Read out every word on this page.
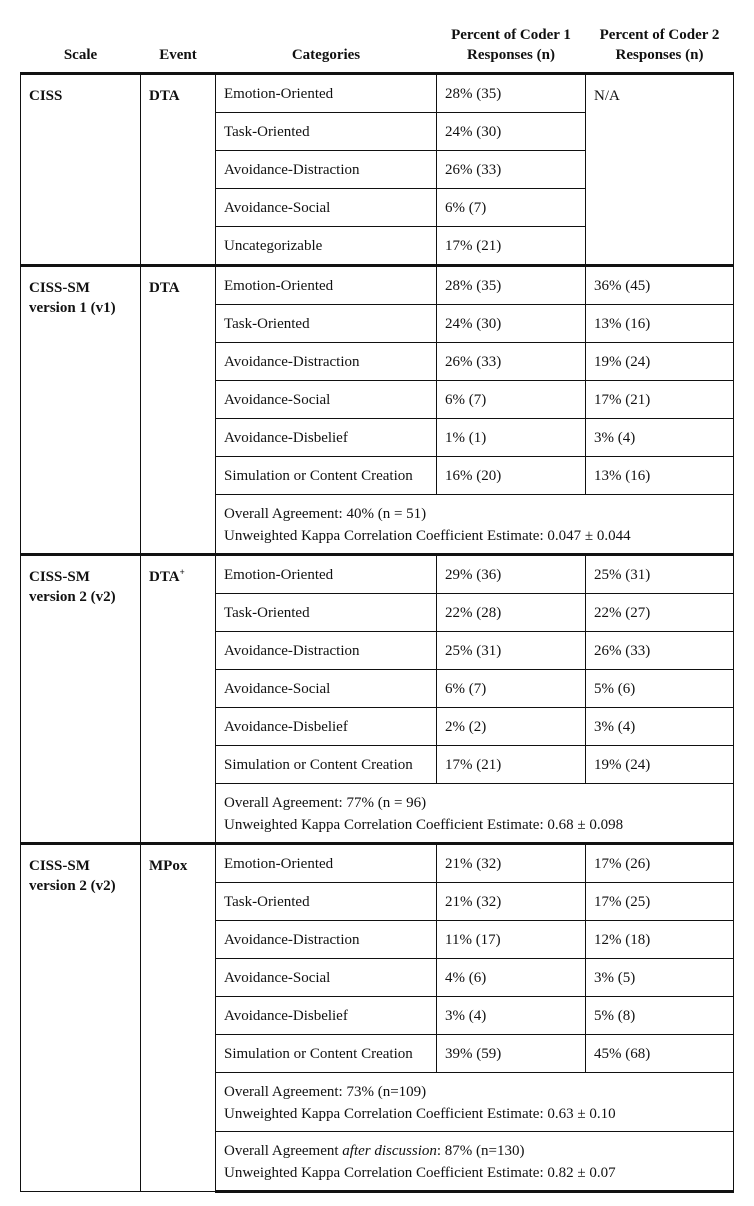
Scale	Event	Categories	Percent of Coder 1
Responses (n)	Percent of Coder 2
Responses (n)

CISS	DTA	Emotion-Oriented	28% (35)	N/A
		Task-Oriented	24% (30)	
		Avoidance-Distraction	26% (33)	
		Avoidance-Social	6% (7)	
		Uncategorizable	17% (21)	

CISS-SM
version 1 (v1)	DTA	Emotion-Oriented	28% (35)	36% (45)
		Task-Oriented	24% (30)	13% (16)
		Avoidance-Distraction	26% (33)	19% (24)
		Avoidance-Social	6% (7)	17% (21)
		Avoidance-Disbelief	1% (1)	3% (4)
		Simulation or Content Creation	16% (20)	13% (16)

		Overall Agreement: 40% (n = 51)
Unweighted Kappa Correlation Coefficient Estimate: 0.047 ± 0.044		

CISS-SM
version 2 (v2)	DTA+	Emotion-Oriented	29% (36)	25% (31)
		Task-Oriented	22% (28)	22% (27)
		Avoidance-Distraction	25% (31)	26% (33)
		Avoidance-Social	6% (7)	5% (6)
		Avoidance-Disbelief	2% (2)	3% (4)
		Simulation or Content Creation	17% (21)	19% (24)

		Overall Agreement: 77% (n = 96)
Unweighted Kappa Correlation Coefficient Estimate: 0.68 ± 0.098		

CISS-SM
version 2 (v2)	MPox	Emotion-Oriented	21% (32)	17% (26)
		Task-Oriented	21% (32)	17% (25)
		Avoidance-Distraction	11% (17)	12% (18)
		Avoidance-Social	4% (6)	3% (5)
		Avoidance-Disbelief	3% (4)	5% (8)
		Simulation or Content Creation	39% (59)	45% (68)

		Overall Agreement: 73% (n=109)
Unweighted Kappa Correlation Coefficient Estimate: 0.63 ± 0.10		

		Overall Agreement after discussion: 87% (n=130)
Unweighted Kappa Correlation Coefficient Estimate: 0.82 ± 0.07		
